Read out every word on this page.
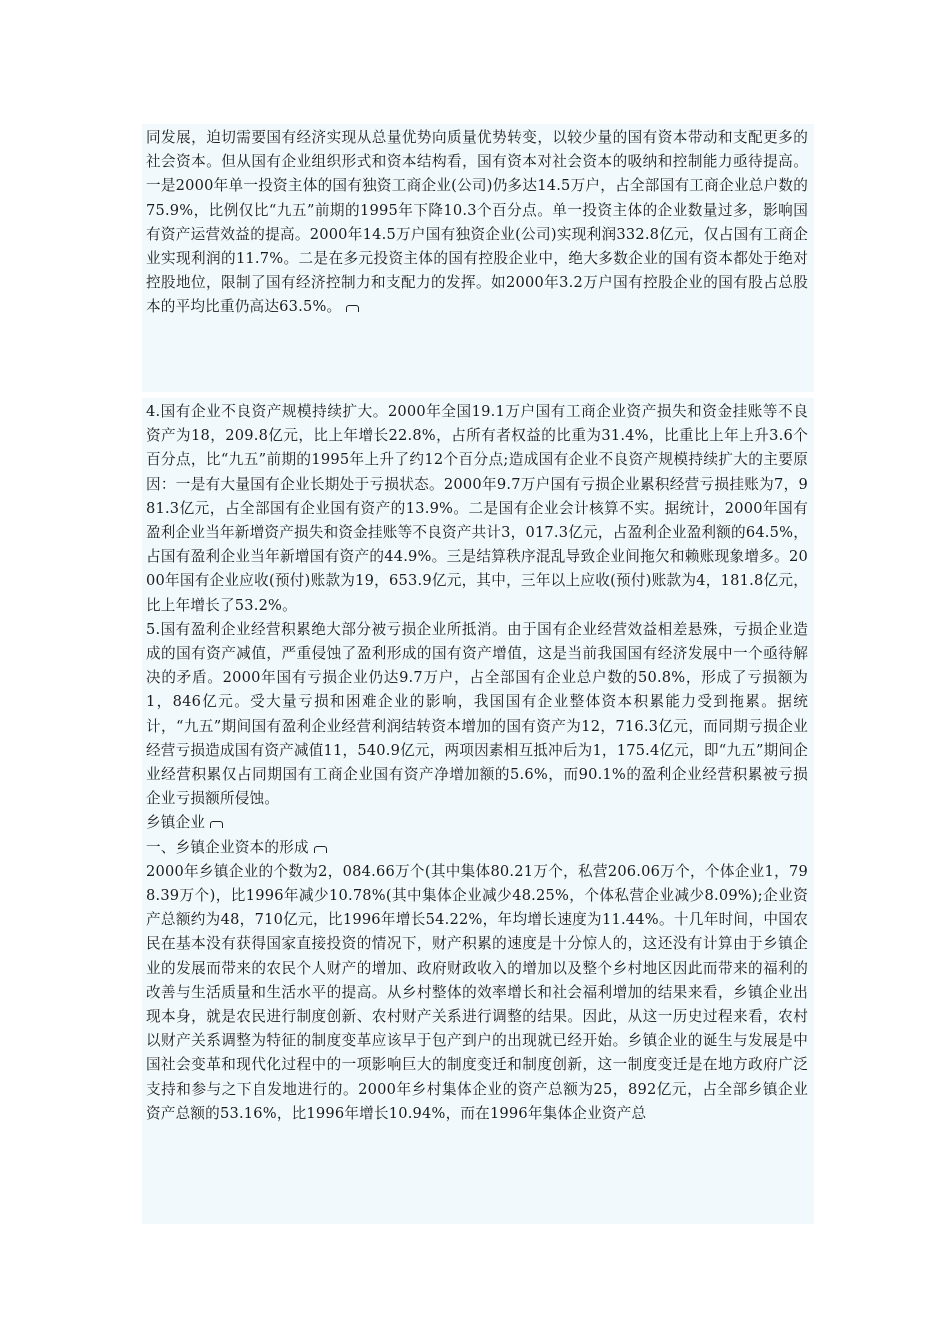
同发展，迫切需要国有经济实现从总量优势向质量优势转变，以较少量的国有资本带动和支配更多的社会资本。但从国有企业组织形式和资本结构看，国有资本对社会资本的吸纳和控制能力亟待提高。一是2000年单一投资主体的国有独资工商企业(公司)仍多达14.5万户，占全部国有工商企业总户数的75.9%，比例仅比“九五”前期的1995年下降10.3个百分点。单一投资主体的企业数量过多，影响国有资产运营效益的提高。2000年14.5万户国有独资企业(公司)实现利润332.8亿元，仅占国有工商企业实现利润的11.7%。二是在多元投资主体的国有控股企业中，绝大多数企业的国有资本都处于绝对控股地位，限制了国有经济控制力和支配力的发挥。如2000年3.2万户国有控股企业的国有股占总股本的平均比重仍高达63.5%。

4.国有企业不良资产规模持续扩大。2000年全国19.1万户国有工商企业资产损失和资金挂账等不良资产为18，209.8亿元，比上年增长22.8%，占所有者权益的比重为31.4%，比重比上年上升3.6个百分点，比“九五”前期的1995年上升了约12个百分点;造成国有企业不良资产规模持续扩大的主要原因：一是有大量国有企业长期处于亏损状态。2000年9.7万户国有亏损企业累积经营亏损挂账为7，981.3亿元，占全部国有企业国有资产的13.9%。二是国有企业会计核算不实。据统计，2000年国有盈利企业当年新增资产损失和资金挂账等不良资产共计3，017.3亿元，占盈利企业盈利额的64.5%，占国有盈利企业当年新增国有资产的44.9%。三是结算秩序混乱导致企业间拖欠和赖账现象增多。2000年国有企业应收(预付)账款为19，653.9亿元，其中，三年以上应收(预付)账款为4，181.8亿元，比上年增长了53.2%。

5.国有盈利企业经营积累绝大部分被亏损企业所抵消。由于国有企业经营效益相差悬殊，亏损企业造成的国有资产减值，严重侵蚀了盈利形成的国有资产增值，这是当前我国国有经济发展中一个亟待解决的矛盾。2000年国有亏损企业仍达9.7万户，占全部国有企业总户数的50.8%，形成了亏损额为1，846亿元。受大量亏损和困难企业的影响，我国国有企业整体资本积累能力受到拖累。据统计，“九五”期间国有盈利企业经营利润结转资本增加的国有资产为12，716.3亿元，而同期亏损企业经营亏损造成国有资产减值11，540.9亿元，两项因素相互抵冲后为1，175.4亿元，即“九五”期间企业经营积累仅占同期国有工商企业国有资产净增加额的5.6%，而90.1%的盈利企业经营积累被亏损企业亏损额所侵蚀。

乡镇企业

一、乡镇企业资本的形成

2000年乡镇企业的个数为2，084.66万个(其中集体80.21万个，私营206.06万个，个体企业1，798.39万个)，比1996年减少10.78%(其中集体企业减少48.25%，个体私营企业减少8.09%);企业资产总额约为48，710亿元，比1996年增长54.22%，年均增长速度为11.44%。十几年时间，中国农民在基本没有获得国家直接投资的情况下，财产积累的速度是十分惊人的，这还没有计算由于乡镇企业的发展而带来的农民个人财产的增加、政府财政收入的增加以及整个乡村地区因此而带来的福利的改善与生活质量和生活水平的提高。从乡村整体的效率增长和社会福利增加的结果来看，乡镇企业出现本身，就是农民进行制度创新、农村财产关系进行调整的结果。因此，从这一历史过程来看，农村以财产关系调整为特征的制度变革应该早于包产到户的出现就已经开始。乡镇企业的诞生与发展是中国社会变革和现代化过程中的一项影响巨大的制度变迁和制度创新，这一制度变迁是在地方政府广泛支持和参与之下自发地进行的。2000年乡村集体企业的资产总额为25，892亿元，占全部乡镇企业资产总额的53.16%，比1996年增长10.94%，而在1996年集体企业资产总
